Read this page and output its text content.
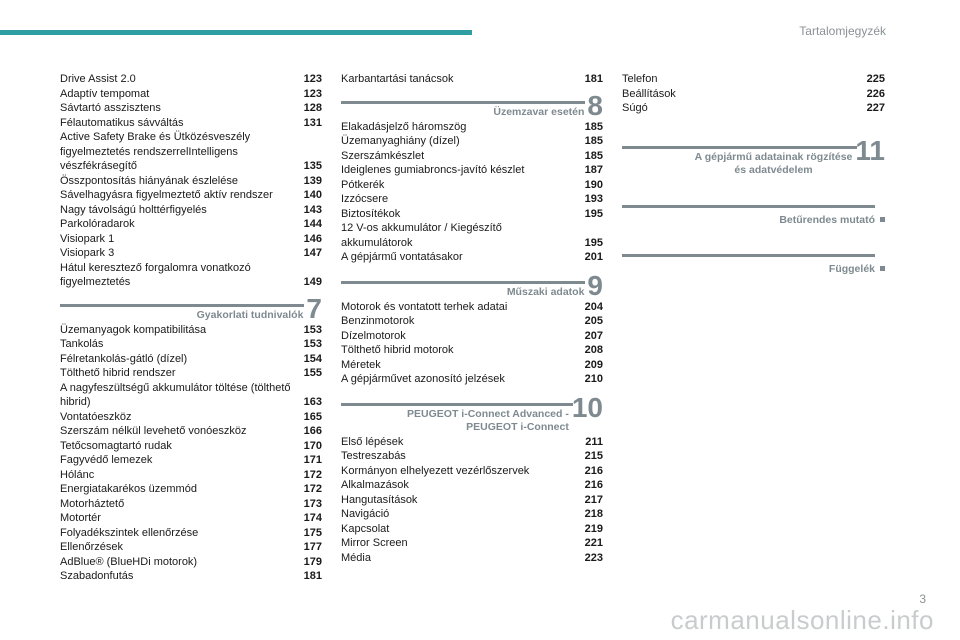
Tartalomjegyzék
Drive Assist 2.0	123
Adaptív tempomat	123
Sávtartó asszisztens	128
Félautomatikus sávváltás	131
Active Safety Brake és Ütközésveszély figyelmeztetés rendszerrelIntelligens vészfékrásegítő	135
Összpontosítás hiányának észlelése	139
Sávelhagyásra figyelmeztető aktív rendszer	140
Nagy távolságú holttérfigyelés	143
Parkolóradarok	144
Visiopark 1	146
Visiopark 3	147
Hátul keresztező forgalomra vonatkozó figyelmeztetés	149
Gyakorlati tudnivalók 7
Üzemanyagok kompatibilitása	153
Tankolás	153
Félretankolás-gátló (dízel)	154
Tölthető hibrid rendszer	155
A nagyfeszültségű akkumulátor töltése (tölthető hibrid)	163
Vontatóeszköz	165
Szerszám nélkül levehető vonóeszköz	166
Tetőcsomagtartó rudak	170
Fagyvédő lemezek	171
Hólánc	172
Energiatakarékos üzemmód	172
Motorháztető	173
Motortér	174
Folyadékszintek ellenőrzése	175
Ellenőrzések	177
AdBlue® (BlueHDi motorok)	179
Szabadonfutás	181
Karbantartási tanácsok	181
Üzemzavar esetén 8
Elakadásjelző háromszög	185
Üzemanyaghiány (dízel)	185
Szerszámkészlet	185
Ideiglenes gumiabroncs-javító készlet	187
Pótkerék	190
Izzócsere	193
Biztosítékok	195
12 V-os akkumulátor / Kiegészítő akkumulátorok	195
A gépjármű vontatásakor	201
Műszaki adatok 9
Motorok és vontatott terhek adatai	204
Benzinmotorok	205
Dízelmotorok	207
Tölthető hibrid motorok	208
Méretek	209
A gépjárművet azonosító jelzések	210
PEUGEOT i-Connect Advanced -
PEUGEOT i-Connect
10
Első lépések	211
Testreszabás	215
Kormányon elhelyezett vezérlőszervek	216
Alkalmazások	216
Hangutasítások	217
Navigáció	218
Kapcsolat	219
Mirror Screen	221
Média	223
Telefon	225
Beállítások	226
Súgó	227
A gépjármű adatainak rögzítése
és adatvédelem
11
Betűrendes mutató
Függelék
3
carmanualsonline.info
